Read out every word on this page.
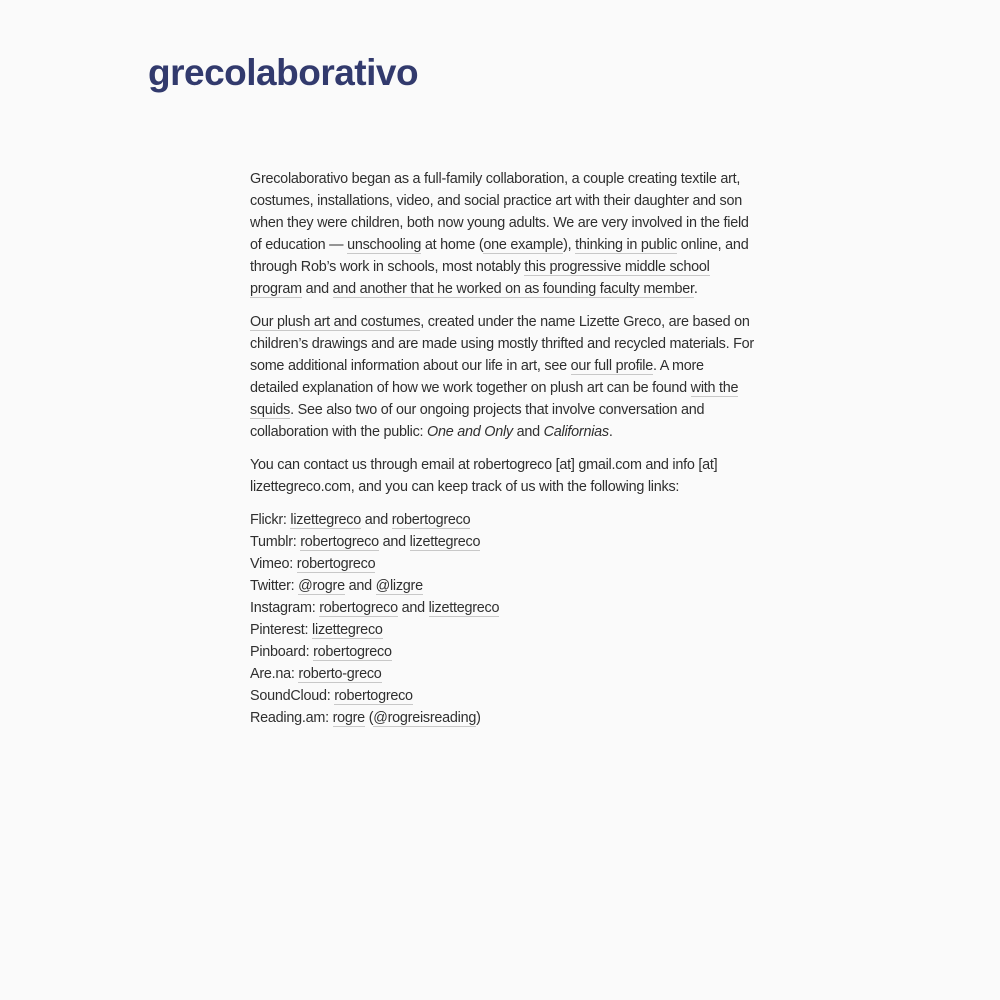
grecolaborativo

Grecolaborativo began as a full-family collaboration, a couple creating textile art, costumes, installations, video, and social practice art with their daughter and son when they were children, both now young adults. We are very involved in the field of education — unschooling at home (one example), thinking in public online, and through Rob’s work in schools, most notably this progressive middle school program and and another that he worked on as founding faculty member.

Our plush art and costumes, created under the name Lizette Greco, are based on children’s drawings and are made using mostly thrifted and recycled materials. For some additional information about our life in art, see our full profile. A more detailed explanation of how we work together on plush art can be found with the squids. See also two of our ongoing projects that involve conversation and collaboration with the public: One and Only and Californias.

You can contact us through email at robertogreco [at] gmail.com and info [at] lizettegreco.com, and you can keep track of us with the following links:

Flickr: lizettegreco and robertogreco
Tumblr: robertogreco and lizettegreco
Vimeo: robertogreco
Twitter: @rogre and @lizgre
Instagram: robertogreco and lizettegreco
Pinterest: lizettegreco
Pinboard: robertogreco
Are.na: roberto-greco
SoundCloud: robertogreco
Reading.am: rogre (@rogreisreading)
